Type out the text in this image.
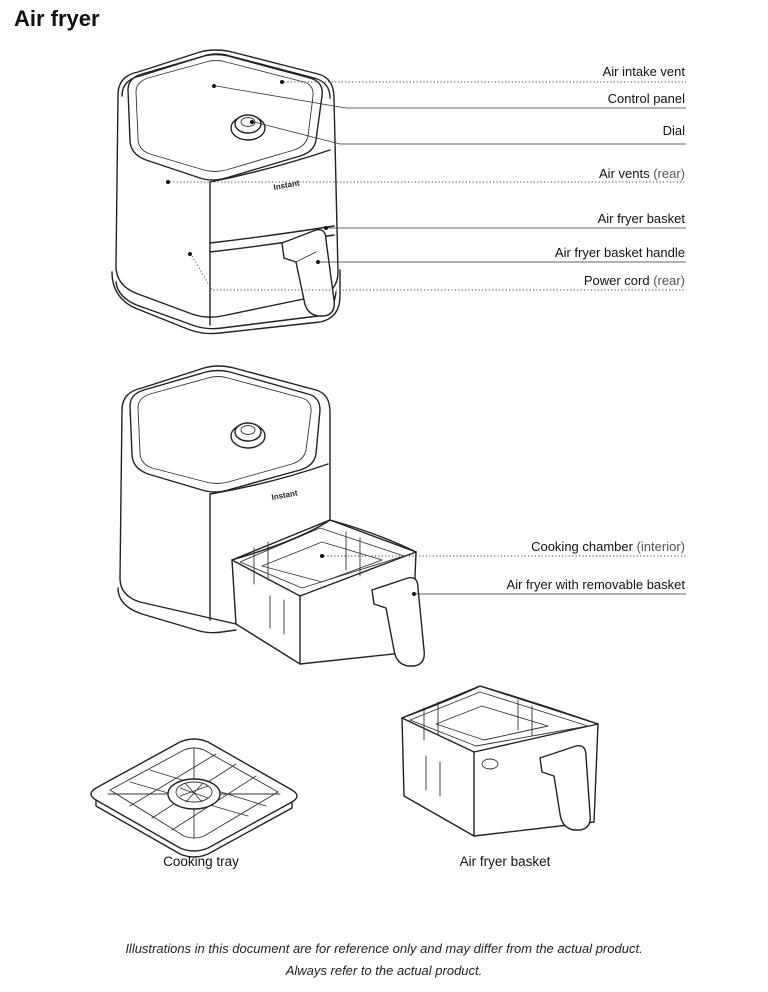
Air fryer
Instant
Air intake vent
Control panel
Dial
Air vents (rear)
Air fryer basket
Air fryer basket handle
Power cord (rear)
Instant
Cooking chamber (interior)
Air fryer with removable basket
Cooking tray	Air fryer basket
Illustrations in this document are for reference only and may differ from the actual product.
Always refer to the actual product.
